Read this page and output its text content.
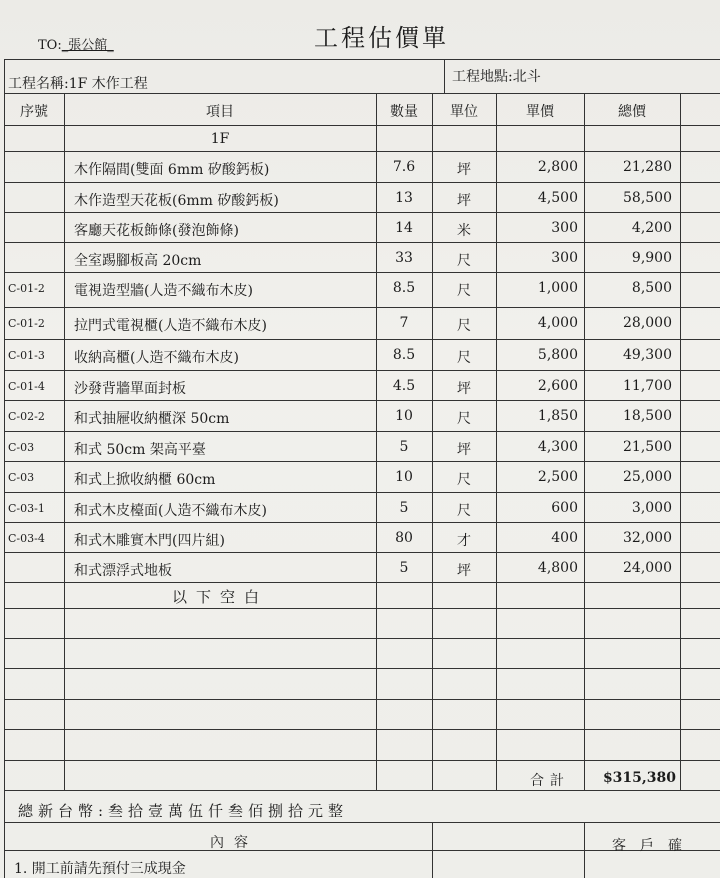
TO:_張公館_	工程估價單
工程名稱:1F 木作工程	工程地點:北斗
序號	項目	數量	單位	單價	總價
1F
木作隔間(雙面 6mm 矽酸鈣板)	7.6	坪	2,800	21,280
木作造型天花板(6mm 矽酸鈣板)	13	坪	4,500	58,500
客廳天花板飾條(發泡飾條)	14	米	300	4,200
全室踢腳板高 20cm	33	尺	300	9,900
C-01-2	電視造型牆(人造不織布木皮)	8.5	尺	1,000	8,500
C-01-2	拉門式電視櫃(人造不織布木皮)	7	尺	4,000	28,000
C-01-3	收納高櫃(人造不織布木皮)	8.5	尺	5,800	49,300
C-01-4	沙發背牆單面封板	4.5	坪	2,600	11,700
C-02-2	和式抽屜收納櫃深 50cm	10	尺	1,850	18,500
C-03	和式 50cm 架高平臺	5	坪	4,300	21,500
C-03	和式上掀收納櫃 60cm	10	尺	2,500	25,000
C-03-1	和式木皮檯面(人造不織布木皮)	5	尺	600	3,000
C-03-4	和式木雕實木門(四片組)	80	才	400	32,000
和式漂浮式地板	5	坪	4,800	24,000
以下空白
合計	$315,380
總新台幣:叁拾壹萬伍仟叁佰捌拾元整
內容	客戶確
1. 開工前請先預付三成現金
